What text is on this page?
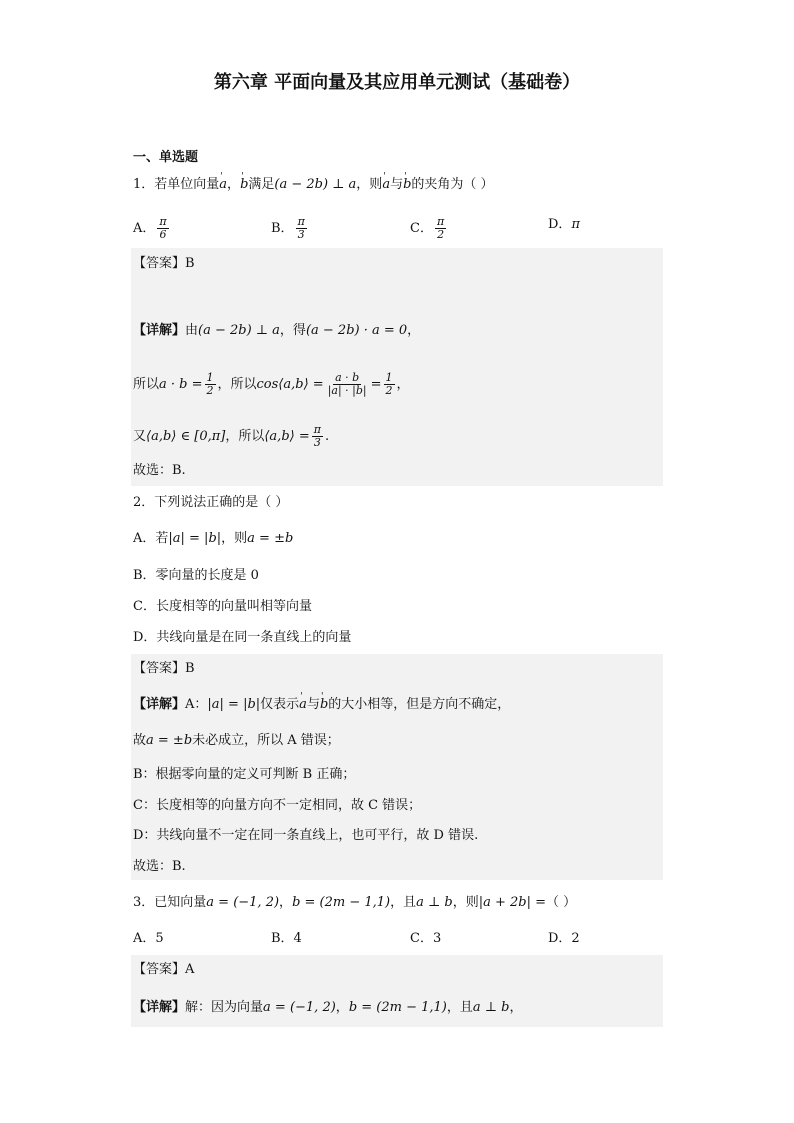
第六章 平面向量及其应用单元测试（基础卷）
一、单选题
1．若单位向量' a，' b满足(a − 2b) ⊥ a，则' a与' b的夹角为（ ）
A． $\frac{\pi}{6}$	B． $\frac{\pi}{3}$	C． $\frac{\pi}{2}$	D．π
【答案】B
【详解】由(a − 2b) ⊥ a，得(a − 2b) · a = 0，
所以$a \cdot b = \frac{1}{2}$ ，所以cos⟨a,b⟩ = $\frac{a \cdot b}{|a| \cdot |b|} = \frac{1}{2}$ ，
又⟨a,b⟩ ∈ [0,π]，所以⟨a,b⟩ = $\frac{\pi}{3}$ .
故选：B.
2．下列说法正确的是（ ）
A．若|a| = |b|，则a = ±b
B．零向量的长度是 0
C．长度相等的向量叫相等向量
D．共线向量是在同一条直线上的向量
【答案】B
【详解】A：|a| = |b|仅表示' a与' b的大小相等，但是方向不确定，
故a = ±b未必成立，所以 A 错误；
B：根据零向量的定义可判断 B 正确；
C：长度相等的向量方向不一定相同，故 C 错误；
D：共线向量不一定在同一条直线上，也可平行，故 D 错误.
故选：B.
3．已知向量a = (−1, 2)，b = (2m − 1,1)，且a ⊥ b，则|a + 2b| =（ ）
A．5	B．4	C．3	D．2
【答案】A
【详解】解：因为向量a = (−1, 2)，b = (2m − 1,1)，且a ⊥ b，
